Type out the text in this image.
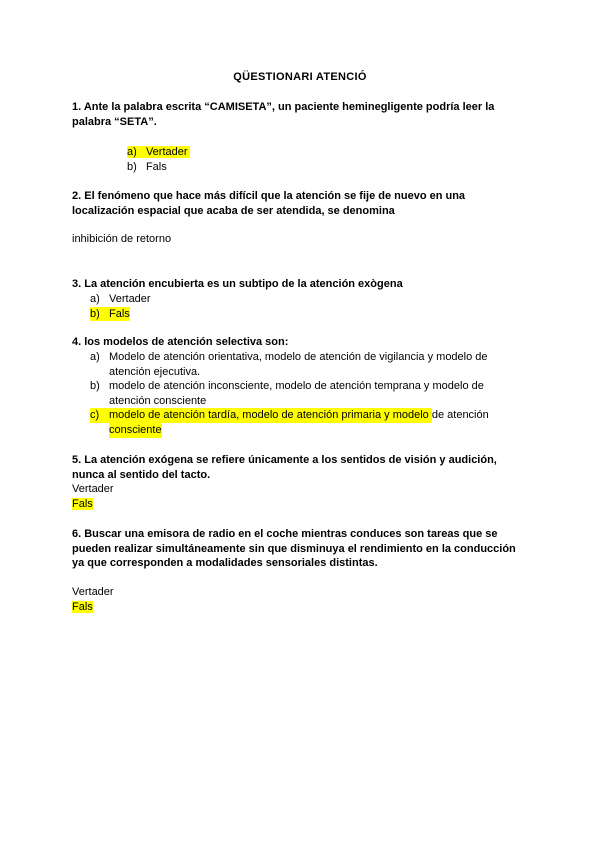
QÜESTIONARI ATENCIÓ
1. Ante la palabra escrita “CAMISETA”, un paciente heminegligente podría leer la
palabra “SETA”.
a) Vertader
b) Fals
2. El fenómeno que hace más difícil que la atención se fije de nuevo en una
localización espacial que acaba de ser atendida, se denomina
inhibición de retorno
3. La atención encubierta es un subtipo de la atención exògena
a) Vertader
b) Fals
4. los modelos de atención selectiva son:
a) Modelo de atención orientativa, modelo de atención de vigilancia y modelo de
atención ejecutiva.
b) modelo de atención inconsciente, modelo de atención temprana y modelo de
atención consciente
c) modelo de atención tardía, modelo de atención primaria y modelo de atención
consciente
5. La atención exógena se refiere únicamente a los sentidos de visión y audición,
nunca al sentido del tacto.
Vertader
Fals
6. Buscar una emisora de radio en el coche mientras conduces son tareas que se
pueden realizar simultáneamente sin que disminuya el rendimiento en la conducción
ya que corresponden a modalidades sensoriales distintas.
Vertader
Fals
